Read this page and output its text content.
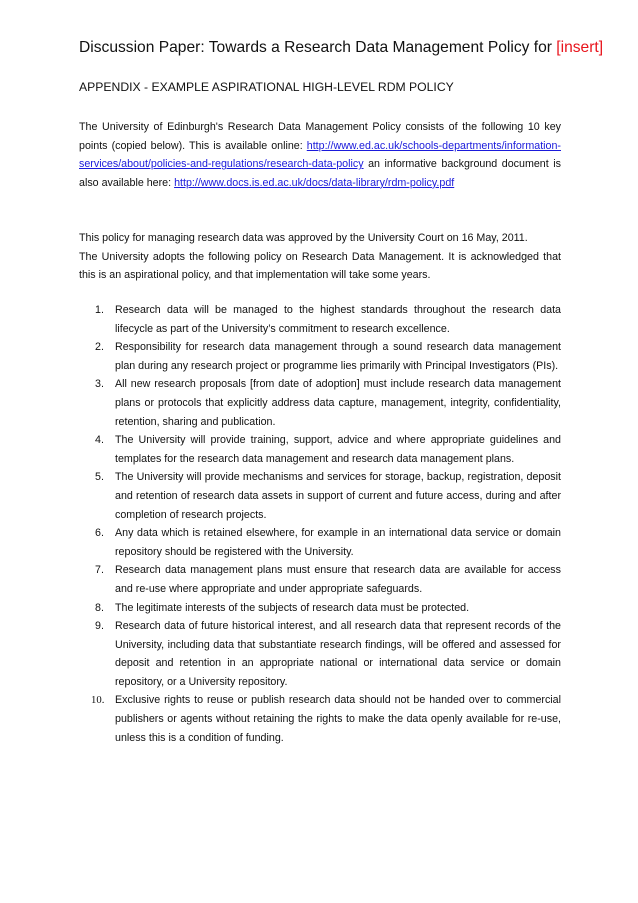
Discussion Paper: Towards a Research Data Management Policy for [insert]
APPENDIX - EXAMPLE ASPIRATIONAL HIGH-LEVEL RDM POLICY
The University of Edinburgh's Research Data Management Policy consists of the following 10 key points (copied below). This is available online: http://www.ed.ac.uk/schools-departments/information-services/about/policies-and-regulations/research-data-policy an informative background document is also available here: http://www.docs.is.ed.ac.uk/docs/data-library/rdm-policy.pdf
This policy for managing research data was approved by the University Court on 16 May, 2011.
The University adopts the following policy on Research Data Management. It is acknowledged that this is an aspirational policy, and that implementation will take some years.
1. Research data will be managed to the highest standards throughout the research data lifecycle as part of the University’s commitment to research excellence.
2. Responsibility for research data management through a sound research data management plan during any research project or programme lies primarily with Principal Investigators (PIs).
3. All new research proposals [from date of adoption] must include research data management plans or protocols that explicitly address data capture, management, integrity, confidentiality, retention, sharing and publication.
4. The University will provide training, support, advice and where appropriate guidelines and templates for the research data management and research data management plans.
5. The University will provide mechanisms and services for storage, backup, registration, deposit and retention of research data assets in support of current and future access, during and after completion of research projects.
6. Any data which is retained elsewhere, for example in an international data service or domain repository should be registered with the University.
7. Research data management plans must ensure that research data are available for access and re-use where appropriate and under appropriate safeguards.
8. The legitimate interests of the subjects of research data must be protected.
9. Research data of future historical interest, and all research data that represent records of the University, including data that substantiate research findings, will be offered and assessed for deposit and retention in an appropriate national or international data service or domain repository, or a University repository.
10. Exclusive rights to reuse or publish research data should not be handed over to commercial publishers or agents without retaining the rights to make the data openly available for re-use, unless this is a condition of funding.
